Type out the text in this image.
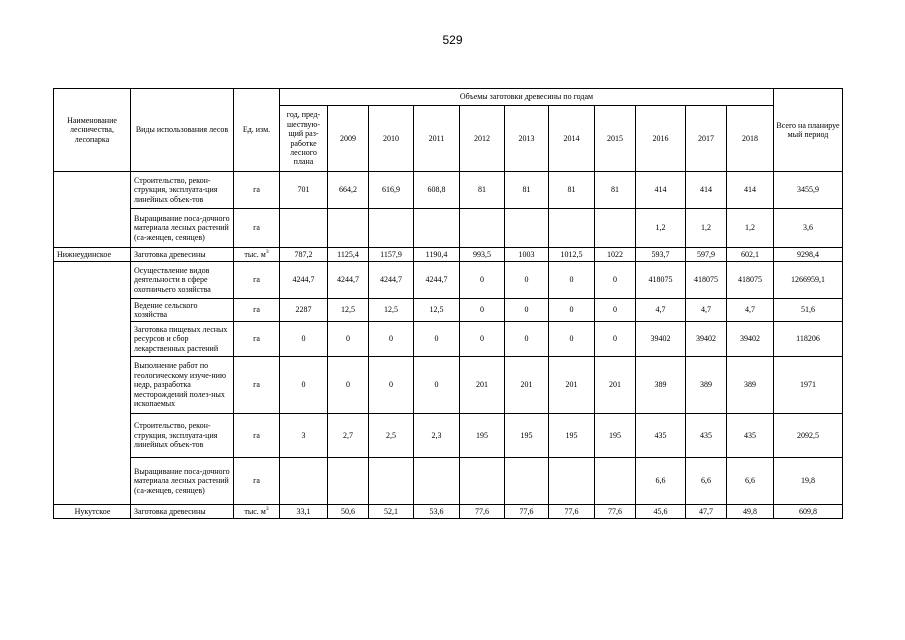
529
Наименование лесничества, лесопарка	Виды использования лесов	Ед. изм.	Объемы заготовки древесины по годам											Всего на планируе мый период
			год, пред-шествую-щий раз-работке лесного плана	2009	2010	2011	2012	2013	2014	2015	2016	2017	2018	
	Строительство, рекон-струкция, эксплуата-ция линейных объек-тов	га	701	664,2	616,9	608,8	81	81	81	81	414	414	414	3455,9
	Выращивание поса-дочного материала лесных растений (са-женцев, сеянцев)	га									1,2	1,2	1,2	3,6
Нижнеудинское	Заготовка древесины	тыс. $м^3$	787,2	1125,4	1157,9	1190,4	993,5	1003	1012,5	1022	593,7	597,9	602,1	9298,4
	Осуществление видов деятельности в сфере охотничьего хозяйства	га	4244,7	4244,7	4244,7	4244,7	0	0	0	0	418075	418075	418075	1266959,1
	Ведение сельского хозяйства	га	2287	12,5	12,5	12,5	0	0	0	0	4,7	4,7	4,7	51,6
	Заготовка пищевых лесных ресурсов и сбор лекарственных растений	га	0	0	0	0	0	0	0	0	39402	39402	39402	118206
	Выполнение работ по геологическому изуче-нию недр, разработка месторождений полез-ных ископаемых	га	0	0	0	0	201	201	201	201	389	389	389	1971
	Строительство, рекон-струкция, эксплуата-ция линейных объек-тов	га	3	2,7	2,5	2,3	195	195	195	195	435	435	435	2092,5
	Выращивание поса-дочного материала лесных растений (са-женцев, сеянцев)	га									6,6	6,6	6,6	19,8
Нукутское	Заготовка древесины	тыс. $м^3$	33,1	50,6	52,1	53,6	77,6	77,6	77,6	77,6	45,6	47,7	49,8	609,8
